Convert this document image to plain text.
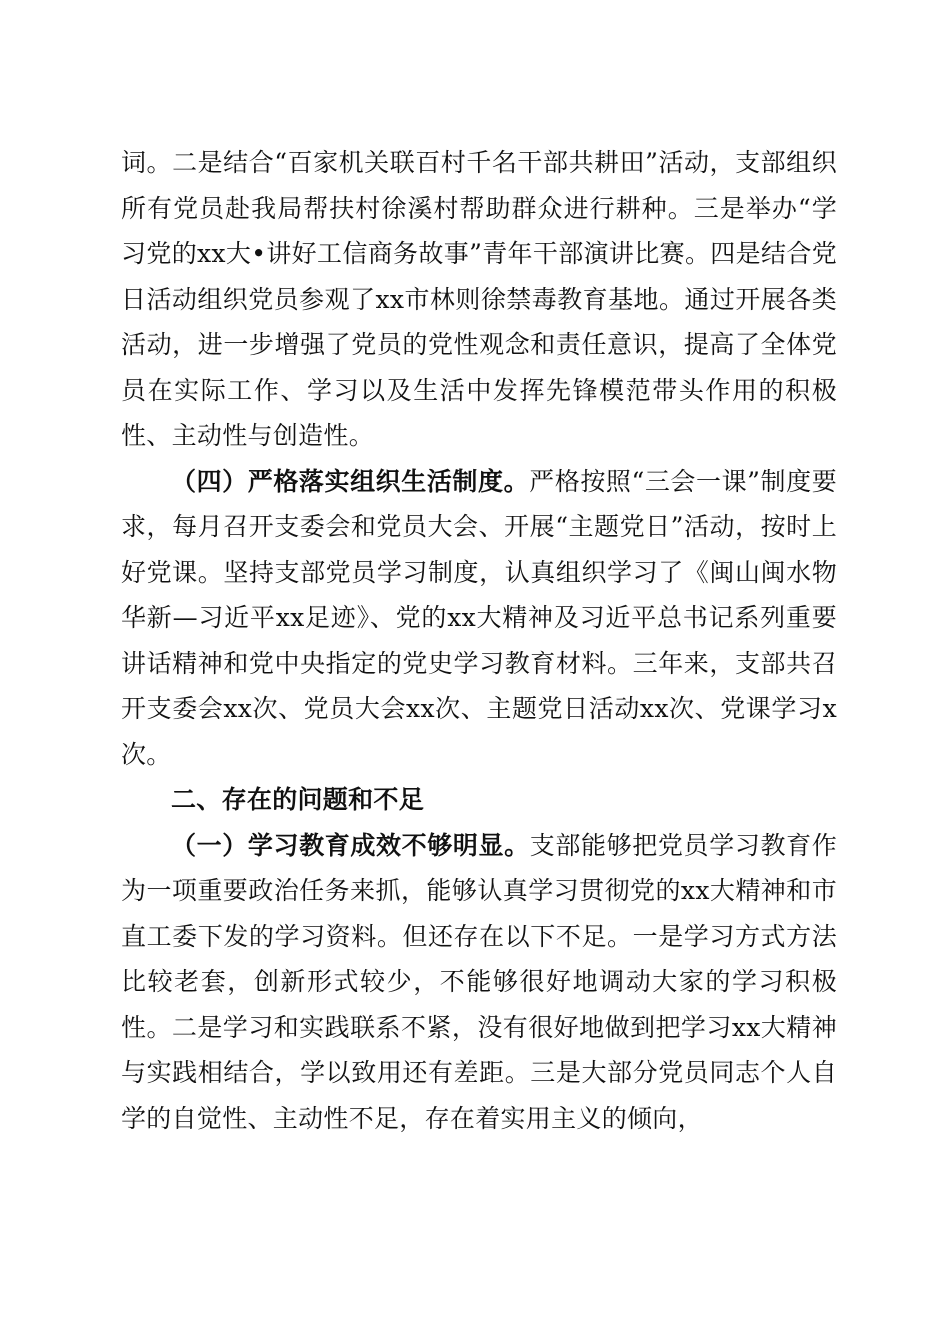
词。二是结合“百家机关联百村千名干部共耕田”活动，支部组织所有党员赴我局帮扶村徐溪村帮助群众进行耕种。三是举办“学习党的xx大•讲好工信商务故事”青年干部演讲比赛。四是结合党日活动组织党员参观了xx市林则徐禁毒教育基地。通过开展各类活动，进一步增强了党员的党性观念和责任意识，提高了全体党员在实际工作、学习以及生活中发挥先锋模范带头作用的积极性、主动性与创造性。

（四）严格落实组织生活制度。严格按照“三会一课”制度要求，每月召开支委会和党员大会、开展“主题党日”活动，按时上好党课。坚持支部党员学习制度，认真组织学习了《闽山闽水物华新—习近平xx足迹》、党的xx大精神及习近平总书记系列重要讲话精神和党中央指定的党史学习教育材料。三年来，支部共召开支委会xx次、党员大会xx次、主题党日活动xx次、党课学习x次。

二、存在的问题和不足

（一）学习教育成效不够明显。支部能够把党员学习教育作为一项重要政治任务来抓，能够认真学习贯彻党的xx大精神和市直工委下发的学习资料。但还存在以下不足。一是学习方式方法比较老套，创新形式较少，不能够很好地调动大家的学习积极性。二是学习和实践联系不紧，没有很好地做到把学习xx大精神与实践相结合，学以致用还有差距。三是大部分党员同志个人自学的自觉性、主动性不足，存在着实用主义的倾向，
